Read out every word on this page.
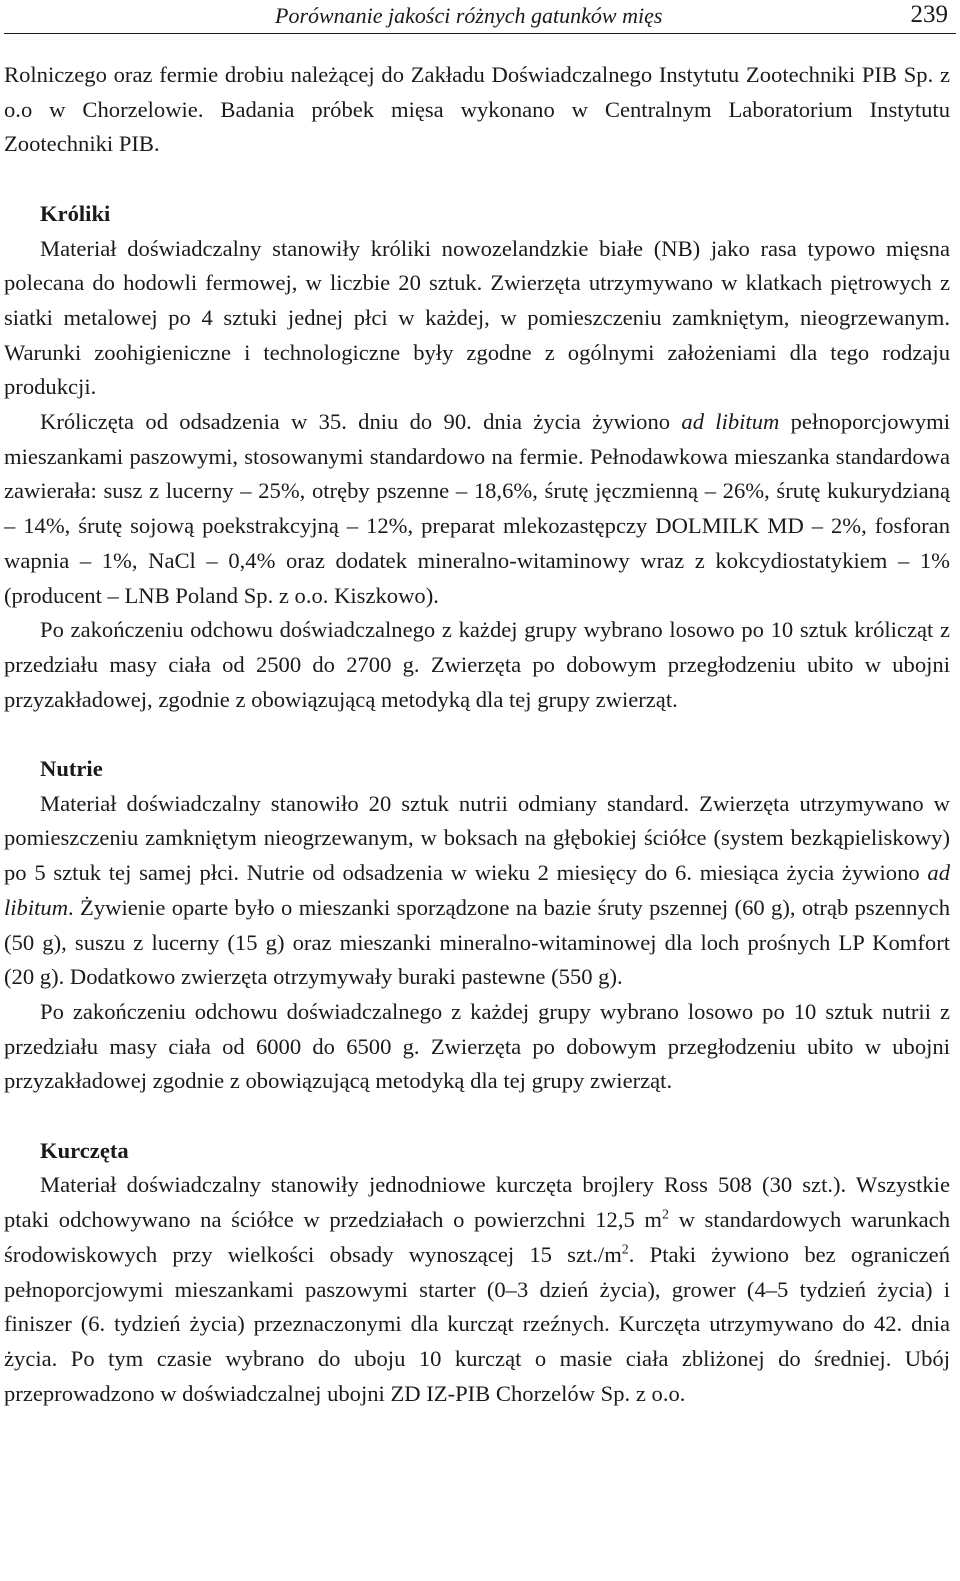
Porównanie jakości różnych gatunków mięs	239

Rolniczego oraz fermie drobiu należącej do Zakładu Doświadczalnego Instytutu Zootechniki PIB Sp. z o.o w Chorzelowie. Badania próbek mięsa wykonano w Centralnym Laboratorium Instytutu Zootechniki PIB.

Króliki

Materiał doświadczalny stanowiły króliki nowozelandzkie białe (NB) jako rasa typowo mięsna polecana do hodowli fermowej, w liczbie 20 sztuk. Zwierzęta utrzymywano w klatkach piętrowych z siatki metalowej po 4 sztuki jednej płci w każdej, w pomieszczeniu zamkniętym, nieogrzewanym. Warunki zoohigieniczne i technologiczne były zgodne z ogólnymi założeniami dla tego rodzaju produkcji.

Króliczęta od odsadzenia w 35. dniu do 90. dnia życia żywiono ad libitum pełnoporcjowymi mieszankami paszowymi, stosowanymi standardowo na fermie. Pełnodawkowa mieszanka standardowa zawierała: susz z lucerny – 25%, otręby pszenne – 18,6%, śrutę jęczmienną – 26%, śrutę kukurydzianą – 14%, śrutę sojową poekstrakcyjną – 12%, preparat mlekozastępczy DOLMILK MD – 2%, fosforan wapnia – 1%, NaCl – 0,4% oraz dodatek mineralno-witaminowy wraz z kokcydiostatykiem – 1% (producent – LNB Poland Sp. z o.o. Kiszkowo).

Po zakończeniu odchowu doświadczalnego z każdej grupy wybrano losowo po 10 sztuk królicząt z przedziału masy ciała od 2500 do 2700 g. Zwierzęta po dobowym przegłodzeniu ubito w ubojni przyzakładowej, zgodnie z obowiązującą metodyką dla tej grupy zwierząt.

Nutrie

Materiał doświadczalny stanowiło 20 sztuk nutrii odmiany standard. Zwierzęta utrzymywano w pomieszczeniu zamkniętym nieogrzewanym, w boksach na głębokiej ściółce (system bezkąpieliskowy) po 5 sztuk tej samej płci. Nutrie od odsadzenia w wieku 2 miesięcy do 6. miesiąca życia żywiono ad libitum. Żywienie oparte było o mieszanki sporządzone na bazie śruty pszennej (60 g), otrąb pszennych (50 g), suszu z lucerny (15 g) oraz mieszanki mineralno-witaminowej dla loch prośnych LP Komfort (20 g). Dodatkowo zwierzęta otrzymywały buraki pastewne (550 g).

Po zakończeniu odchowu doświadczalnego z każdej grupy wybrano losowo po 10 sztuk nutrii z przedziału masy ciała od 6000 do 6500 g. Zwierzęta po dobowym przegłodzeniu ubito w ubojni przyzakładowej zgodnie z obowiązującą metodyką dla tej grupy zwierząt.

Kurczęta

Materiał doświadczalny stanowiły jednodniowe kurczęta brojlery Ross 508 (30 szt.). Wszystkie ptaki odchowywano na ściółce w przedziałach o powierzchni 12,5 $m^2$ w standardowych warunkach środowiskowych przy wielkości obsady wynoszącej 15 $szt./m^2$. Ptaki żywiono bez ograniczeń pełnoporcjowymi mieszankami paszowymi starter (0–3 dzień życia), grower (4–5 tydzień życia) i finiszer (6. tydzień życia) przeznaczonymi dla kurcząt rzeźnych. Kurczęta utrzymywano do 42. dnia życia. Po tym czasie wybrano do uboju 10 kurcząt o masie ciała zbliżonej do średniej. Ubój przeprowadzono w doświadczalnej ubojni ZD IZ-PIB Chorzelów Sp. z o.o.
